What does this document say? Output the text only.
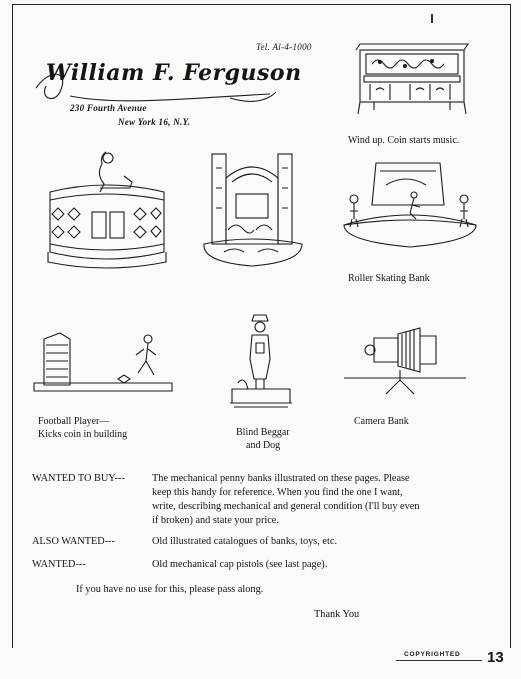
Tel. Al-4-1000
William F. Ferguson
230 Fourth Avenue
New York 16, N.Y.
Wind up. Coin starts music.
Roller Skating Bank
Football Player—
Kicks coin in building	Blind Beggar
and Dog
Camera Bank
WANTED TO BUY---	The mechanical penny banks illustrated on these pages. Please
keep this handy for reference. When you find the one I want,
write, describing mechanical and general condition (I'll buy even
if broken) and state your price.
ALSO WANTED---	Old illustrated catalogues of banks, toys, etc.
WANTED---	Old mechanical cap pistols (see last page).
If you have no use for this, please pass along.
Thank You
COPYRIGHTED 13
